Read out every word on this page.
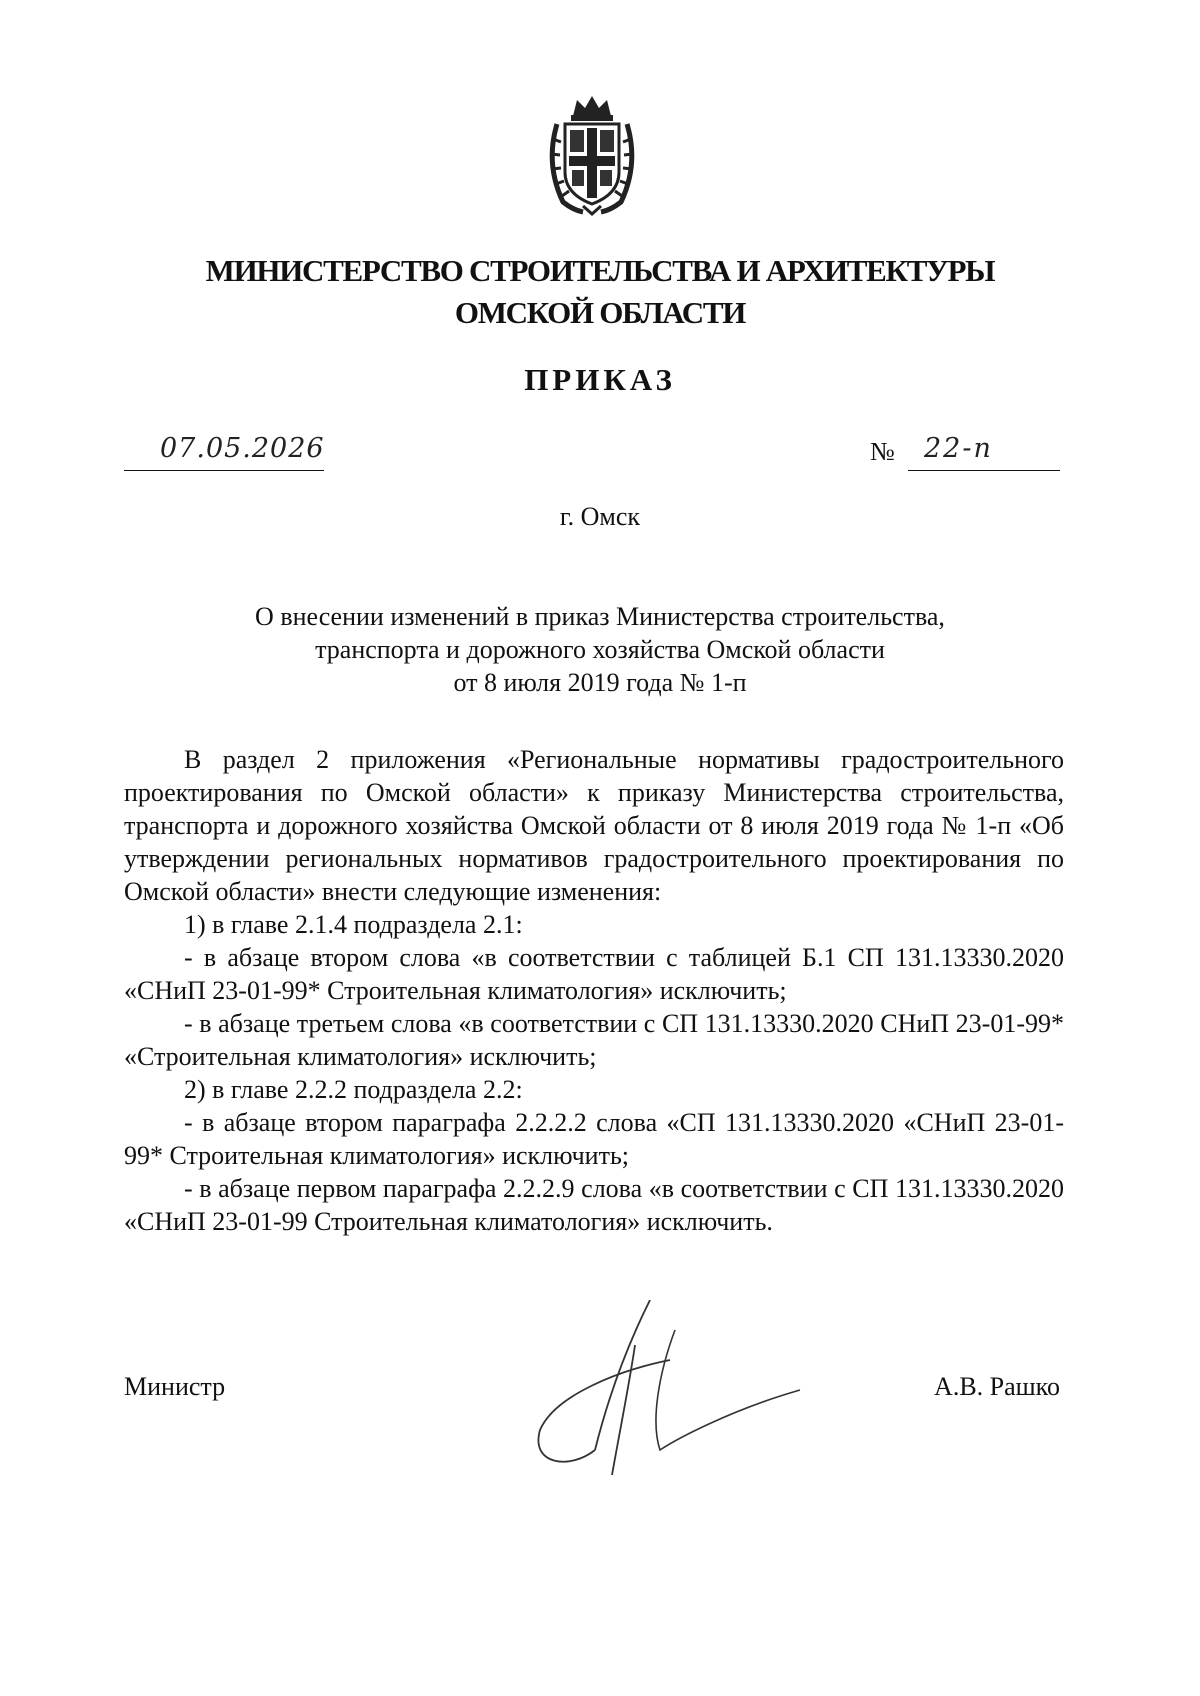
МИНИСТЕРСТВО СТРОИТЕЛЬСТВА И АРХИТЕКТУРЫ
ОМСКОЙ ОБЛАСТИ
ПРИКАЗ
07.05.2026	№ 22-п
г. Омск
О внесении изменений в приказ Министерства строительства,
транспорта и дорожного хозяйства Омской области
от 8 июля 2019 года № 1-п

В раздел 2 приложения «Региональные нормативы градостроительного проектирования по Омской области» к приказу Министерства строительства, транспорта и дорожного хозяйства Омской области от 8 июля 2019 года № 1-п «Об утверждении региональных нормативов градостроительного проектирования по Омской области» внести следующие изменения:

1) в главе 2.1.4 подраздела 2.1:

- в абзаце втором слова «в соответствии с таблицей Б.1 СП 131.13330.2020 «СНиП 23-01-99* Строительная климатология» исключить;

- в абзаце третьем слова «в соответствии с СП 131.13330.2020 СНиП 23-01-99* «Строительная климатология» исключить;

2) в главе 2.2.2 подраздела 2.2:

- в абзаце втором параграфа 2.2.2.2 слова «СП 131.13330.2020 «СНиП 23-01-99* Строительная климатология» исключить;

- в абзаце первом параграфа 2.2.2.9 слова «в соответствии с СП 131.13330.2020 «СНиП 23-01-99 Строительная климатология» исключить.

Министр	А.В. Рашко
